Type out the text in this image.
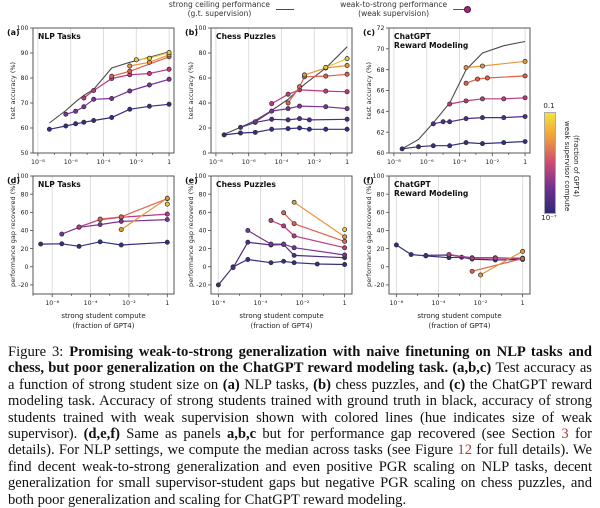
strong ceiling performance
(g.t. supervision)
weak-to-strong performance
(weak supervision)
50
60
70
80
90
100
10⁻⁸	10⁻⁶	10⁻⁴	10⁻²	1
(a) NLP Tasks
test accuracy (%)
0
20
40
60
80
100
10⁻⁸	10⁻⁶	10⁻⁴	10⁻²	1
(b) Chess Puzzles
test accuracy (%)
60
62
64
66
68
70
72
10⁻⁸	10⁻⁶	10⁻⁴	10⁻²	1
(c) ChatGPT
Reward Modeling
test accuracy (%)
-20
0
20
40
60
80
100
10⁻⁶	10⁻⁴	10⁻²	1
(d) NLP Tasks
performance gap recovered (%)
strong student compute
(fraction of GPT4)
-20
0
20
40
60
80
100
10⁻⁶	10⁻⁴	10⁻²	1
(e) Chess Puzzles
performance gap recovered (%)
strong student compute
(fraction of GPT4)
-20
0
20
40
60
80
100
10⁻⁶	10⁻⁴	10⁻²	1
(f)	ChatGPT
Reward Modeling
performance gap recovered (%)
strong student compute
(fraction of GPT4)
0.1
10⁻⁷
weak supervisor compute (fraction of GPT4)
Figure 3: Promising weak-to-strong generalization with naive finetuning on NLP tasks and chess, but poor generalization on the ChatGPT reward modeling task. (a,b,c) Test accuracy as a function of strong student size on (a) NLP tasks, (b) chess puzzles, and (c) the ChatGPT reward modeling task. Accuracy of strong students trained with ground truth in black, accuracy of strong students trained with weak supervision shown with colored lines (hue indicates size of weak supervisor). (d,e,f) Same as panels a,b,c but for performance gap recovered (see Section 3 for details). For NLP settings, we compute the median across tasks (see Figure 12 for full details). We find decent weak-to-strong generalization and even positive PGR scaling on NLP tasks, decent generalization for small supervisor-student gaps but negative PGR scaling on chess puzzles, and both poor generalization and scaling for ChatGPT reward modeling.
